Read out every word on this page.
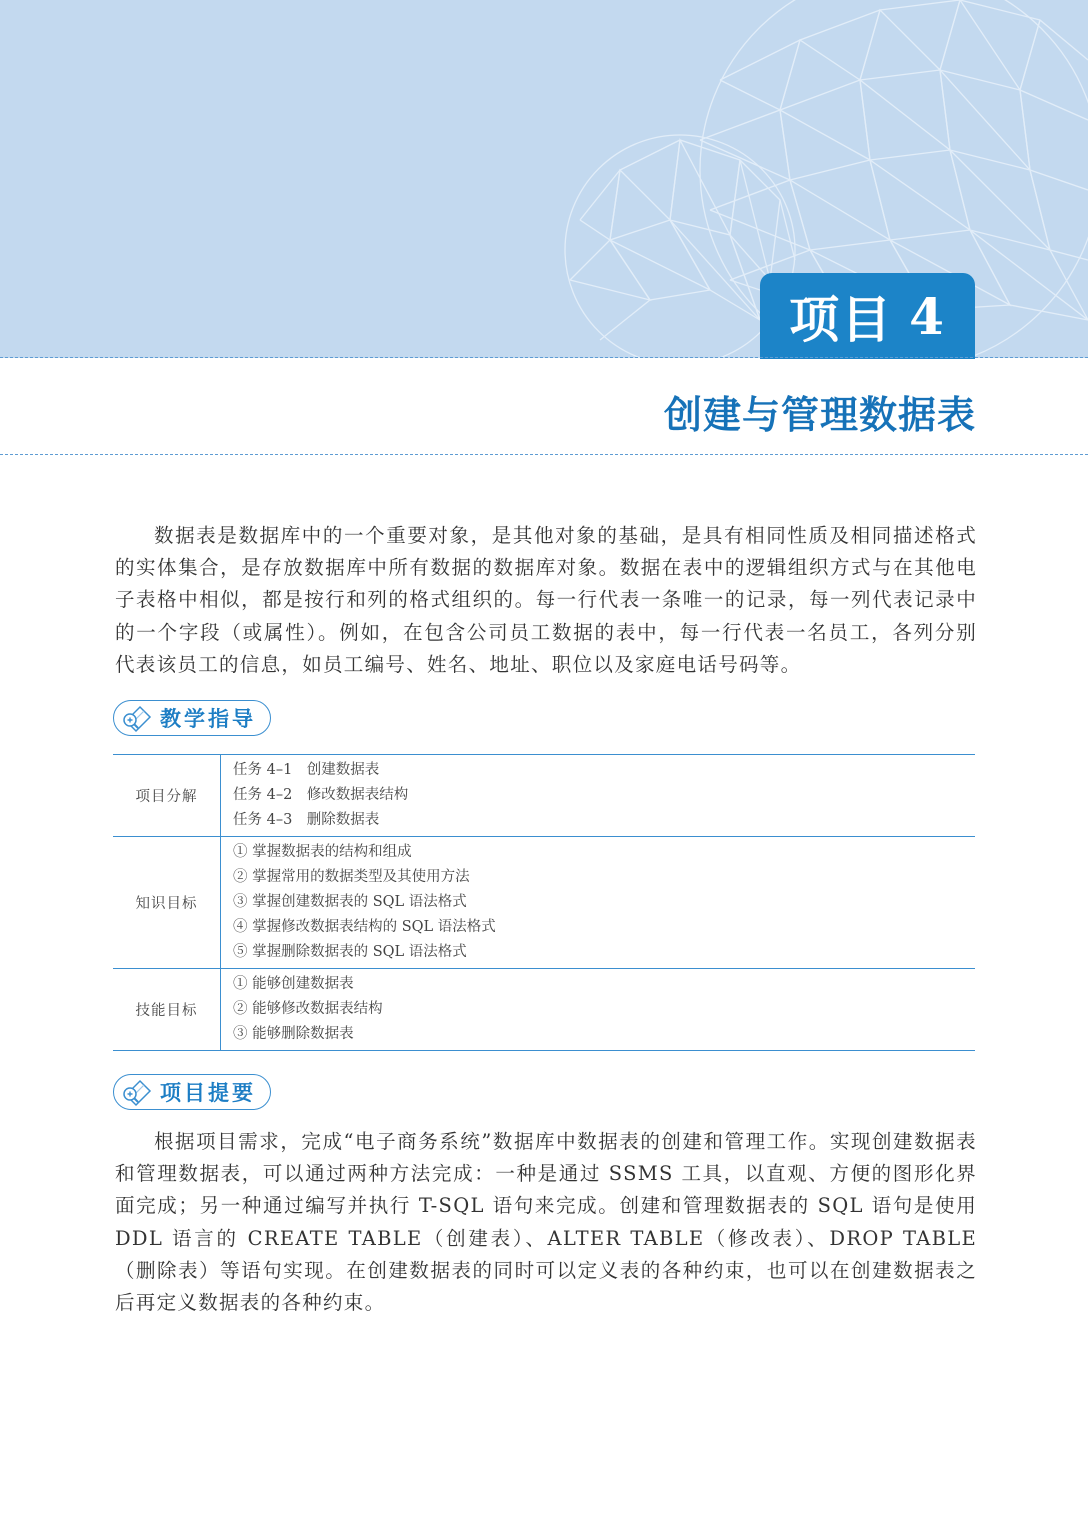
项目 4
创建与管理数据表
数据表是数据库中的一个重要对象，是其他对象的基础，是具有相同性质及相同描述格式的实体集合，是存放数据库中所有数据的数据库对象。数据在表中的逻辑组织方式与在其他电子表格中相似，都是按行和列的格式组织的。每一行代表一条唯一的记录，每一列代表记录中的一个字段（或属性）。例如，在包含公司员工数据的表中，每一行代表一名员工，各列分别代表该员工的信息，如员工编号、姓名、地址、职位以及家庭电话号码等。
教学指导
项目分解	任务 4–1　创建数据表
任务 4–2　修改数据表结构
任务 4–3　删除数据表

知识目标	① 掌握数据表的结构和组成
② 掌握常用的数据类型及其使用方法
③ 掌握创建数据表的 SQL 语法格式
④ 掌握修改数据表结构的 SQL 语法格式
⑤ 掌握删除数据表的 SQL 语法格式

技能目标	① 能够创建数据表
② 能够修改数据表结构
③ 能够删除数据表
项目提要
根据项目需求，完成“电子商务系统”数据库中数据表的创建和管理工作。实现创建数据表和管理数据表，可以通过两种方法完成：一种是通过 SSMS 工具，以直观、方便的图形化界面完成；另一种通过编写并执行 T-SQL 语句来完成。创建和管理数据表的 SQL 语句是使用 DDL 语言的 CREATE TABLE（创建表）、ALTER TABLE（修改表）、DROP TABLE（删除表）等语句实现。在创建数据表的同时可以定义表的各种约束，也可以在创建数据表之后再定义数据表的各种约束。
